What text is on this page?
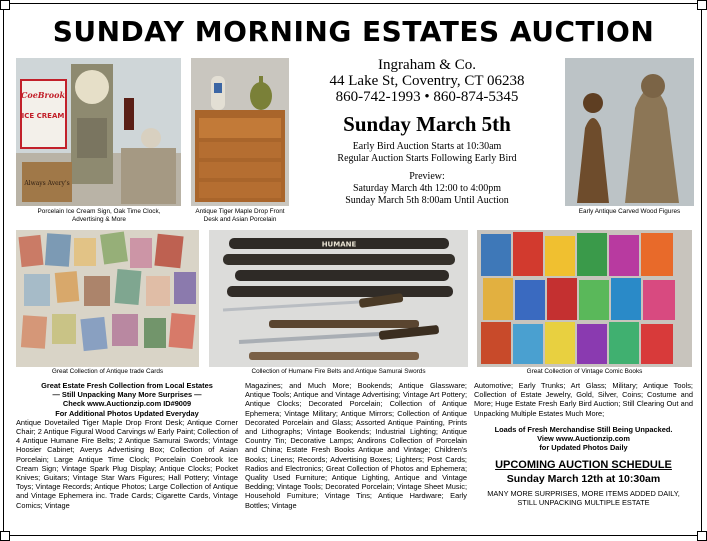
SUNDAY MORNING ESTATES AUCTION
CoeBrook
ICE CREAM
Always Avery's
Porcelain Ice Cream Sign, Oak Time Clock, Advertising & More
Antique Tiger Maple Drop Front Desk and Asian Porcelain
Early Antique Carved Wood Figures
Ingraham & Co.
44 Lake St, Coventry, CT 06238
860-742-1993 • 860-874-5345
Sunday March 5th
Early Bird Auction Starts at 10:30am
Regular Auction Starts Following Early Bird
Preview:
Saturday March 4th 12:00 to 4:00pm
Sunday March 5th 8:00am Until Auction
Great Collection of Antique trade Cards
HUMANE
Collection of Humane Fire Belts and Antique Samurai Swords	Great Collection of Vintage Comic Books
Great Estate Fresh Collection from Local Estates
— Still Unpacking Many More Surprises —
Check www.Auctionzip.com ID#9009
For Additional Photos Updated Everyday
Antique Dovetailed Tiger Maple Drop Front Desk; Antique Corner Chair; 2 Antique Figural Wood Carvings w/ Early Paint; Collection of 4 Antique Humane Fire Belts; 2 Antique Samurai Swords; Vintage Hoosier Cabinet; Averys Advertising Box; Collection of Asian Porcelain; Large Antique Time Clock; Porcelain Coebrook Ice Cream Sign; Vintage Spark Plug Display; Antique Clocks; Pocket Knives; Guitars; Vintage Star Wars Figures; Hall Pottery; Vintage Toys; Vintage Records; Antique Photos; Large Collection of Antique and Vintage Ephemera inc. Trade Cards; Cigarette Cards, Vintage Comics; Vintage
Magazines; and Much More; Bookends; Antique Glassware; Antique Tools; Antique and Vintage Advertising; Vintage Art Pottery; Antique Clocks; Decorated Porcelain; Collection of Antique Ephemera; Vintage Military; Antique Mirrors; Collection of Antique Decorated Porcelain and Glass; Assorted Antique Painting, Prints and Lithographs; Vintage Bookends; Industrial Lighting; Antique Country Tin; Decorative Lamps; Andirons Collection of Porcelain and China; Estate Fresh Books Antique and Vintage; Children's Books; Linens; Records; Advertising Boxes; Lighters; Post Cards; Radios and Electronics; Great Collection of Photos and Ephemera; Quality Used Furniture; Antique Lighting, Antique and Vintage Bedding; Vintage Tools; Decorated Porcelain; Vintage Sheet Music; Household Furniture; Vintage Tins; Antique Hardware; Early Bottles; Vintage
Automotive; Early Trunks; Art Glass; Military; Antique Tools; Collection of Estate Jewelry, Gold, Silver, Coins; Costume and More; Huge Estate Fresh Early Bird Auction; Still Clearing Out and Unpacking Multiple Estates Much More;
Loads of Fresh Merchandise Still Being Unpacked.
View www.Auctionzip.com
for Updated Photos Daily
UPCOMING AUCTION SCHEDULE
Sunday March 12th at 10:30am
MANY MORE SURPRISES, MORE ITEMS ADDED DAILY,
STILL UNPACKING MULTIPLE ESTATE
